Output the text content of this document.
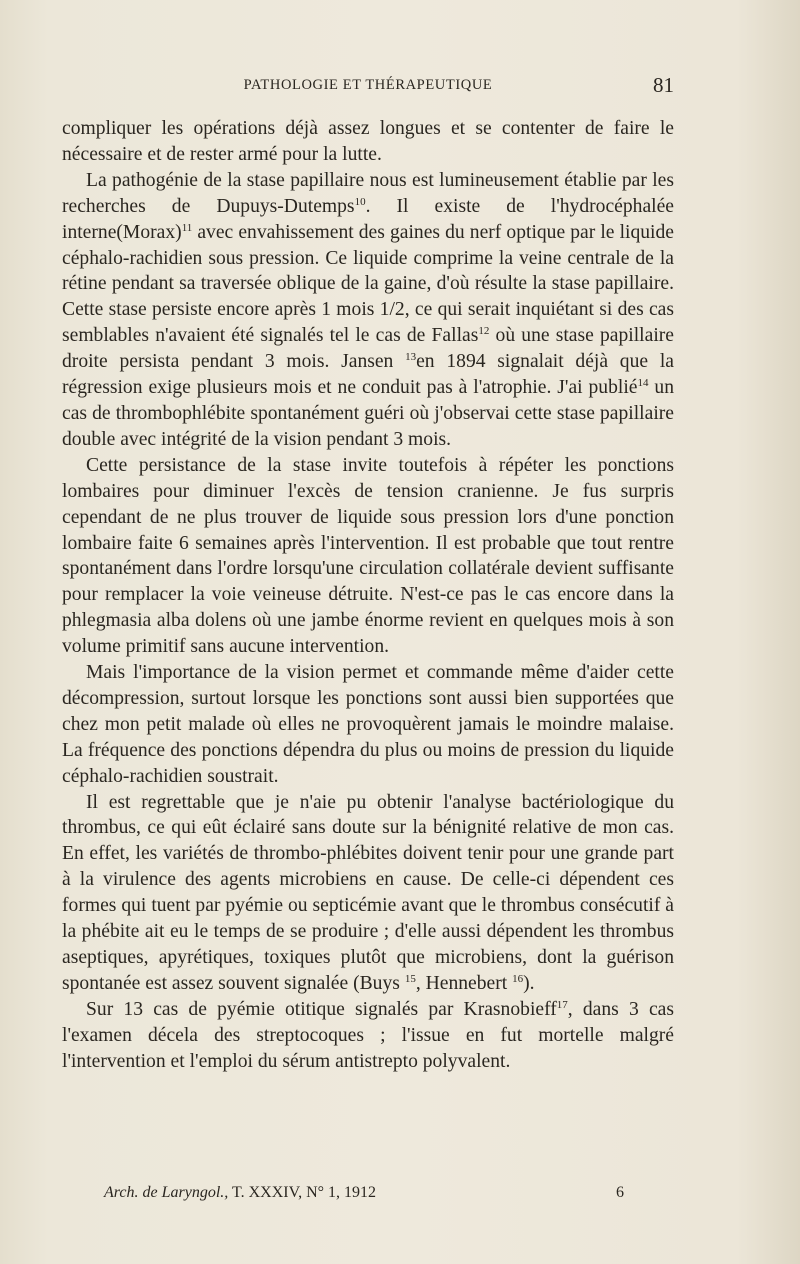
PATHOLOGIE ET THÉRAPEUTIQUE	81

compliquer les opérations déjà assez longues et se contenter de faire le nécessaire et de rester armé pour la lutte.

La pathogénie de la stase papillaire nous est lumineusement établie par les recherches de Dupuys-Dutemps$^{10}$. Il existe de l'hydrocéphalée interne(Morax)$^{11}$ avec envahissement des gaines du nerf optique par le liquide céphalo-rachidien sous pression. Ce liquide comprime la veine centrale de la rétine pendant sa traversée oblique de la gaine, d'où résulte la stase papillaire. Cette stase persiste encore après 1 mois 1/2, ce qui serait inquiétant si des cas semblables n'avaient été signalés tel le cas de Fallas$^{12}$ où une stase papillaire droite persista pendant 3 mois. Jansen $^{13}$en 1894 signalait déjà que la régression exige plusieurs mois et ne conduit pas à l'atrophie. J'ai publié$^{14}$ un cas de thrombophlébite spontanément guéri où j'observai cette stase papillaire double avec intégrité de la vision pendant 3 mois.

Cette persistance de la stase invite toutefois à répéter les ponctions lombaires pour diminuer l'excès de tension cranienne. Je fus surpris cependant de ne plus trouver de liquide sous pression lors d'une ponction lombaire faite 6 semaines après l'intervention. Il est probable que tout rentre spontanément dans l'ordre lorsqu'une circulation collatérale devient suffisante pour remplacer la voie veineuse détruite. N'est-ce pas le cas encore dans la phlegmasia alba dolens où une jambe énorme revient en quelques mois à son volume primitif sans aucune intervention.

Mais l'importance de la vision permet et commande même d'aider cette décompression, surtout lorsque les ponctions sont aussi bien supportées que chez mon petit malade où elles ne provoquèrent jamais le moindre malaise. La fréquence des ponctions dépendra du plus ou moins de pression du liquide céphalo-rachidien soustrait.

Il est regrettable que je n'aie pu obtenir l'analyse bactériologique du thrombus, ce qui eût éclairé sans doute sur la bénignité relative de mon cas. En effet, les variétés de thrombo-phlébites doivent tenir pour une grande part à la virulence des agents microbiens en cause. De celle-ci dépendent ces formes qui tuent par pyémie ou septicémie avant que le thrombus consécutif à la phébite ait eu le temps de se produire ; d'elle aussi dépendent les thrombus aseptiques, apyrétiques, toxiques plutôt que microbiens, dont la guérison spontanée est assez souvent signalée (Buys $^{15}$, Hennebert $^{16}$).

Sur 13 cas de pyémie otitique signalés par Krasnobieff$^{17}$, dans 3 cas l'examen décela des streptocoques ; l'issue en fut mortelle malgré l'intervention et l'emploi du sérum antistrepto polyvalent.

Arch. de Laryngol., T. XXXIV, N° 1, 1912	6
